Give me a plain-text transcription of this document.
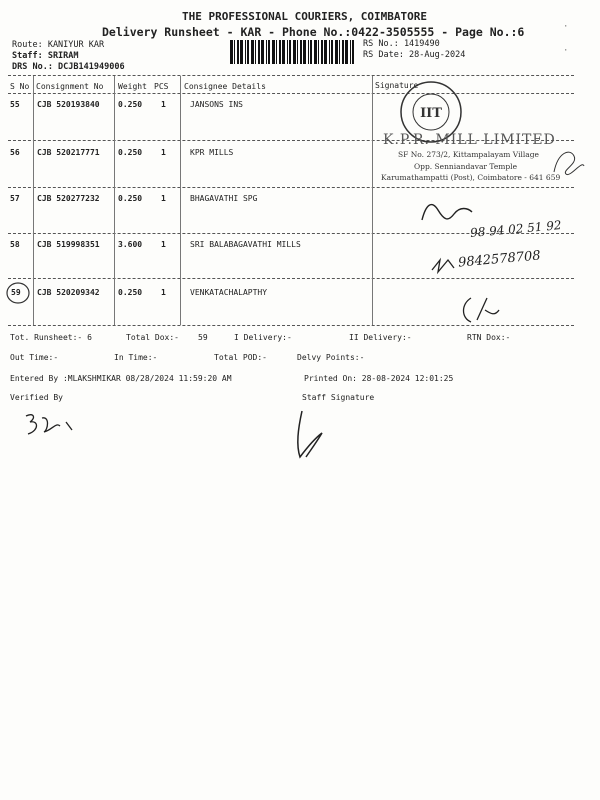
THE PROFESSIONAL COURIERS, COIMBATORE
Delivery Runsheet - KAR - Phone No.:0422-3505555 - Page No.:6
Route: KANIYUR KAR
Staff: SRIRAM
DRS No.: DCJB141949006
RS No.: 1419490
RS Date: 28-Aug-2024
·
·
S No Consignment No Weight PCS Consignee Details	Signature
55 CJB 520193840 0.250 1	JANSONS INS
56 CJB 520217771 0.250 1	KPR MILLS
57 CJB 520277232 0.250 1	BHAGAVATHI SPG
58 CJB 519998351 3.600 1	SRI BALABAGAVATHI MILLS
59 CJB 520209342 0.250 1	VENKATACHALAPTHY
IIT
K.P.R. MILL LIMITED
SF No. 273/2, Kittampalayam Village
Opp. Senniandavar Temple
Karumathampatti (Post), Coimbatore - 641 659
98 94 02 51 92
9842578708
Tot. Runsheet:- 6	Total Dox:- 59	I Delivery:-	II Delivery:-	RTN Dox:-
Out Time:-	In Time:-	Total POD:-	Delvy Points:-
Entered By :MLAKSHMIKAR 08/28/2024 11:59:20 AM	Printed On: 28-08-2024 12:01:25
Verified By	Staff Signature
